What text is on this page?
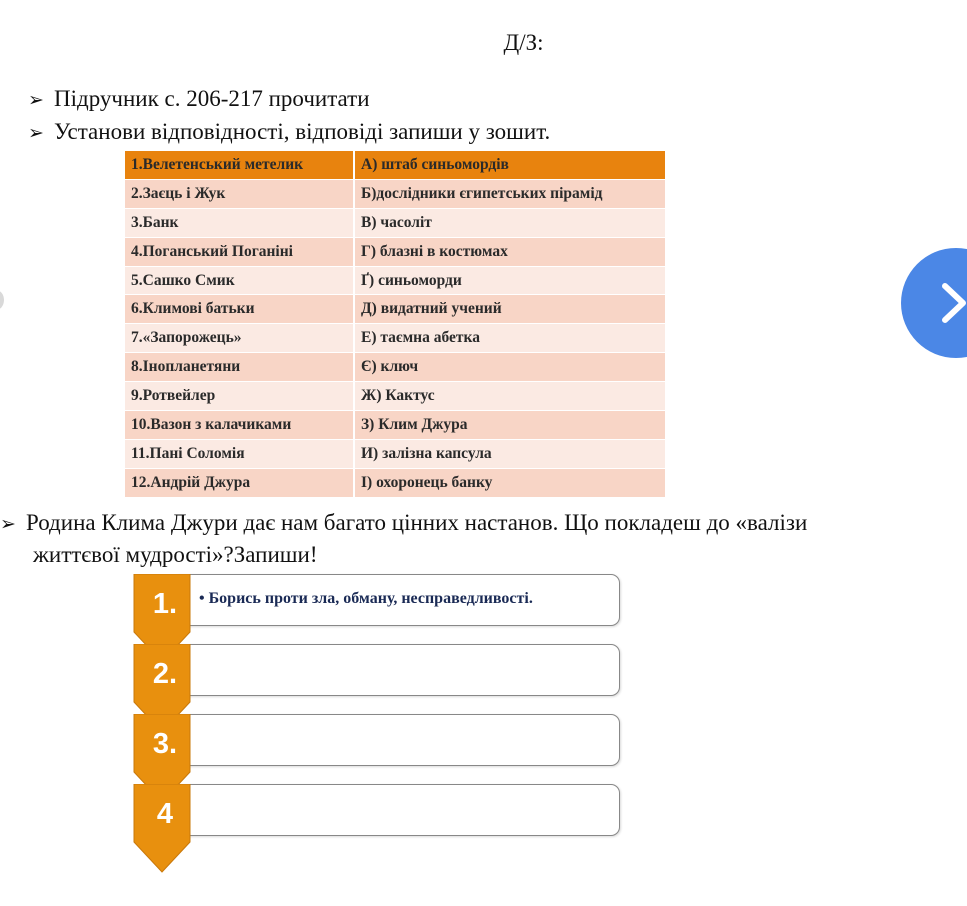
Д/З:
➢ Підручник с. 206-217 прочитати
➢ Установи відповідності, відповіді запиши у зошит.
1.Велетенський метелик	А) штаб синьомордів
2.Заєць і Жук	Б)дослідники єгипетських пірамід
3.Банк	В) часоліт
4.Поганський Поганіні	Г) блазні в костюмах
5.Сашко Смик	Ґ) синьоморди
6.Климові батьки	Д) видатний учений
7.«Запорожець»	Е) таємна абетка
8.Інопланетяни	Є) ключ
9.Ротвейлер	Ж) Кактус
10.Вазон з калачиками	З) Клим Джура
11.Пані Соломія	И) залізна капсула
12.Андрій Джура	І) охоронець банку
➢ Родина Клима Джури дає нам багато цінних настанов. Що покладеш до «валізи
життєвої мудрості»?Запиши!
1.	• Борись проти зла, обману, несправедливості.
2.
3.
4
